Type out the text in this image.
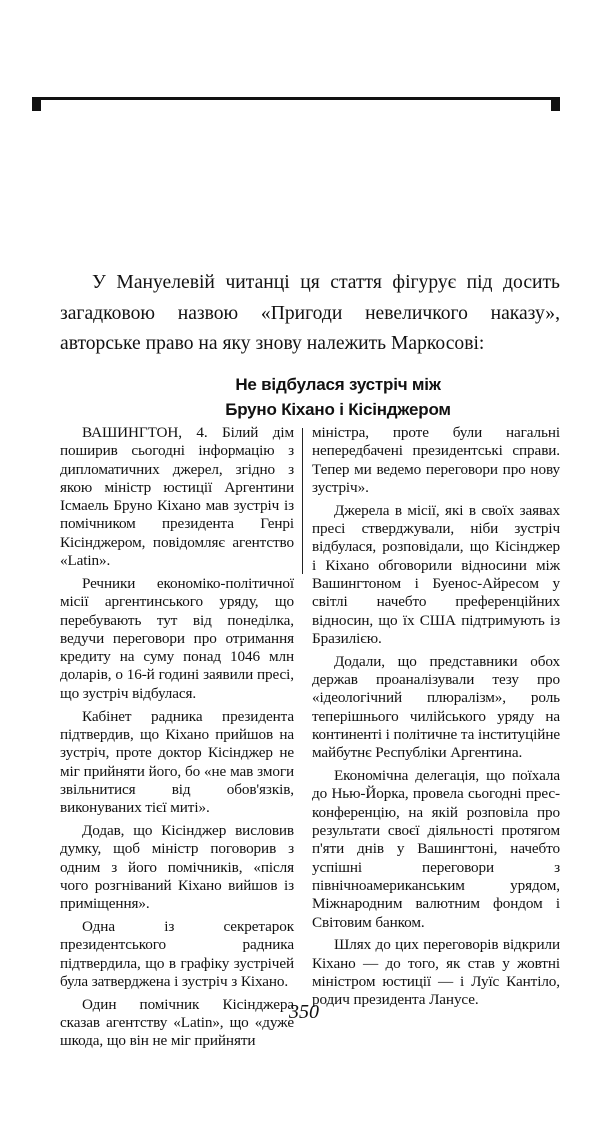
У Мануелевій читанці ця стаття фігурує під досить загадковою назвою «Пригоди невеличкого наказу», авторське право на яку знову належить Маркосові:

Не відбулася зустріч між
Бруно Кіхано і Кісінджером

ВАШИНГТОН, 4. Білий дім поширив сьогодні інформацію з дипломатичних джерел, згідно з якою міністр юстиції Аргентини Ісмаель Бруно Кіхано мав зустріч із помічником президента Генрі Кісінджером, повідомляє агентство «Latin».

Речники економіко-політичної місії аргентинського уряду, що перебувають тут від понеділка, ведучи переговори про отримання кредиту на суму понад 1046 млн доларів, о 16-й годині заявили пресі, що зустріч відбулася.

Кабінет радника президента підтвердив, що Кіхано прийшов на зустріч, проте доктор Кісінджер не міг прийняти його, бо «не мав змоги звільнитися від обов'язків, виконуваних тієї миті».

Додав, що Кісінджер висловив думку, щоб міністр поговорив з одним з його помічників, «після чого розгніваний Кіхано вийшов із приміщення».

Одна із секретарок президентського радника підтвердила, що в графіку зустрічей була затверджена і зустріч з Кіхано.

Один помічник Кісінджера сказав агентству «Latin», що «дуже шкода, що він не міг прийняти

міністра, проте були нагальні непередбачені президентські справи. Тепер ми ведемо переговори про нову зустріч».

Джерела в місії, які в своїх заявах пресі стверджували, ніби зустріч відбулася, розповідали, що Кісінджер і Кіхано обговорили відносини між Вашингтоном і Буенос-Айресом у світлі начебто преференційних відносин, що їх США підтримують із Бразилією.

Додали, що представники обох держав проаналізували тезу про «ідеологічний плюралізм», роль теперішнього чилійського уряду на континенті і політичне та інституційне майбутнє Республіки Аргентина.

Економічна делегація, що поїхала до Нью-Йорка, провела сьогодні прес-конференцію, на якій розповіла про результати своєї діяльності протягом п'яти днів у Вашингтоні, начебто успішні переговори з північноамериканським урядом, Міжнародним валютним фондом і Світовим банком.

Шлях до цих переговорів відкрили Кіхано — до того, як став у жовтні міністром юстиції — і Луїс Кантіло, родич президента Ланусе.

350
